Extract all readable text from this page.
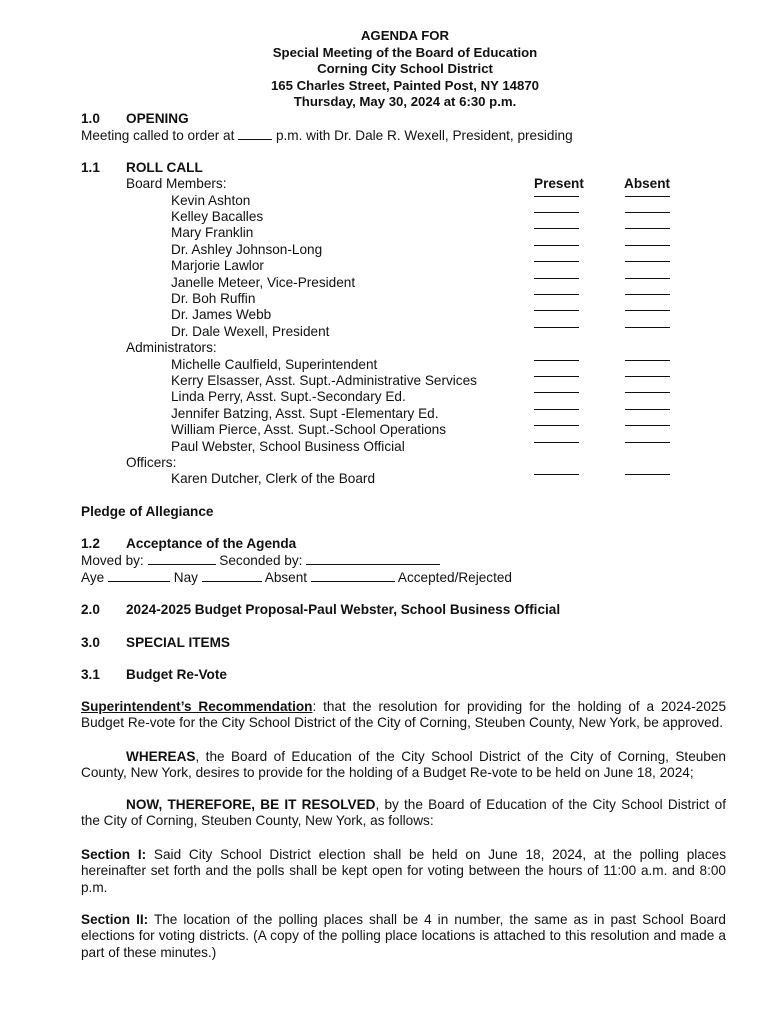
AGENDA FOR
Special Meeting of the Board of Education
Corning City School District
165 Charles Street, Painted Post, NY 14870
Thursday, May 30, 2024 at 6:30 p.m.
1.0 OPENING
Meeting called to order at	p.m. with Dr. Dale R. Wexell, President, presiding
1.1 ROLL CALL
Board Members:	Present	Absent
Kevin Ashton
Kelley Bacalles
Mary Franklin
Dr. Ashley Johnson-Long
Marjorie Lawlor
Janelle Meteer, Vice-President
Dr. Boh Ruffin
Dr. James Webb
Dr. Dale Wexell, President
Administrators:
Michelle Caulfield, Superintendent
Kerry Elsasser, Asst. Supt.-Administrative Services
Linda Perry, Asst. Supt.-Secondary Ed.
Jennifer Batzing, Asst. Supt -Elementary Ed.
William Pierce, Asst. Supt.-School Operations
Paul Webster, School Business Official
Officers:
Karen Dutcher, Clerk of the Board
Pledge of Allegiance
1.2 Acceptance of the Agenda
Moved by:	Seconded by:
Aye	Nay	Absent	Accepted/Rejected
2.0 2024-2025 Budget Proposal-Paul Webster, School Business Official
3.0 SPECIAL ITEMS
3.1 Budget Re-Vote
Superintendent’s Recommendation: that the resolution for providing for the holding of a 2024-2025 Budget Re-vote for the City School District of the City of Corning, Steuben County, New York, be approved.
WHEREAS, the Board of Education of the City School District of the City of Corning, Steuben County, New York, desires to provide for the holding of a Budget Re-vote to be held on June 18, 2024;
NOW, THEREFORE, BE IT RESOLVED, by the Board of Education of the City School District of the City of Corning, Steuben County, New York, as follows:
Section I: Said City School District election shall be held on June 18, 2024, at the polling places hereinafter set forth and the polls shall be kept open for voting between the hours of 11:00 a.m. and 8:00 p.m.
Section II: The location of the polling places shall be 4 in number, the same as in past School Board elections for voting districts. (A copy of the polling place locations is attached to this resolution and made a part of these minutes.)
